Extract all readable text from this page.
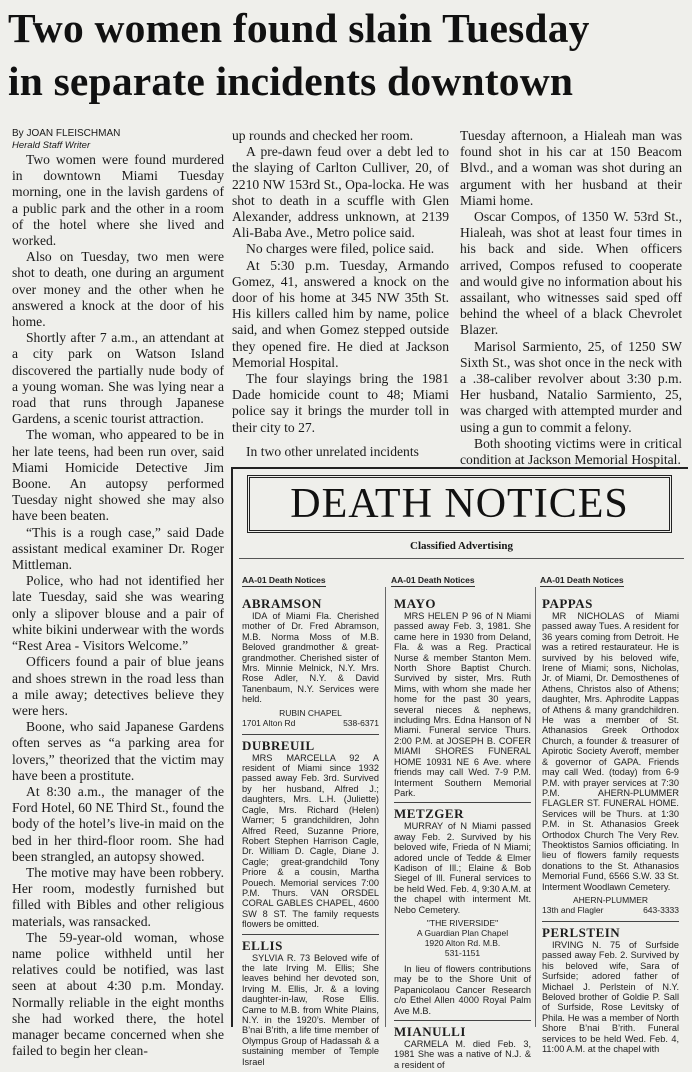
Two women found slain Tuesday
in separate incidents downtown
By JOAN FLEISCHMAN
Herald Staff Writer

Two women were found murdered in downtown Miami Tuesday morning, one in the lavish gardens of a public park and the other in a room of the hotel where she lived and worked.

Also on Tuesday, two men were shot to death, one during an argument over money and the other when he answered a knock at the door of his home.

Shortly after 7 a.m., an attendant at a city park on Watson Island discovered the partially nude body of a young woman. She was lying near a road that runs through Japanese Gardens, a scenic tourist attraction.

The woman, who appeared to be in her late teens, had been run over, said Miami Homicide Detective Jim Boone. An autopsy performed Tuesday night showed she may also have been beaten.

“This is a rough case,” said Dade assistant medical examiner Dr. Roger Mittleman.

Police, who had not identified her late Tuesday, said she was wearing only a slipover blouse and a pair of white bikini underwear with the words “Rest Area - Visitors Welcome.”

Officers found a pair of blue jeans and shoes strewn in the road less than a mile away; detectives believe they were hers.

Boone, who said Japanese Gardens often serves as “a parking area for lovers,” theorized that the victim may have been a prostitute.

At 8:30 a.m., the manager of the Ford Hotel, 60 NE Third St., found the body of the hotel’s live-in maid on the bed in her third-floor room. She had been strangled, an autopsy showed.

The motive may have been robbery. Her room, modestly furnished but filled with Bibles and other religious materials, was ransacked.

The 59-year-old woman, whose name police withheld until her relatives could be notified, was last seen at about 4:30 p.m. Monday. Normally reliable in the eight months she had worked there, the hotel manager became concerned when she failed to begin her clean-

up rounds and checked her room.

A pre-dawn feud over a debt led to the slaying of Carlton Culliver, 20, of 2210 NW 153rd St., Opa-locka. He was shot to death in a scuffle with Glen Alexander, address unknown, at 2139 Ali-Baba Ave., Metro police said.

No charges were filed, police said.

At 5:30 p.m. Tuesday, Armando Gomez, 41, answered a knock on the door of his home at 345 NW 35th St. His killers called him by name, police said, and when Gomez stepped outside they opened fire. He died at Jackson Memorial Hospital.

The four slayings bring the 1981 Dade homicide count to 48; Miami police say it brings the murder toll in their city to 27.

In two other unrelated incidents

Tuesday afternoon, a Hialeah man was found shot in his car at 150 Beacom Blvd., and a woman was shot during an argument with her husband at their Miami home.

Oscar Compos, of 1350 W. 53rd St., Hialeah, was shot at least four times in his back and side. When officers arrived, Compos refused to cooperate and would give no information about his assailant, who witnesses said sped off behind the wheel of a black Chevrolet Blazer.

Marisol Sarmiento, 25, of 1250 SW Sixth St., was shot once in the neck with a .38-caliber revolver about 3:30 p.m. Her husband, Natalio Sarmiento, 25, was charged with attempted murder and using a gun to commit a felony.

Both shooting victims were in critical condition at Jackson Memorial Hospital.

DEATH NOTICES
Classified Advertising
AA-01 Death Notices	AA-01 Death Notices	AA-01 Death Notices
ABRAMSON

IDA of Miami Fla. Cherished mother of Dr. Fred Abramson, M.B. Norma Moss of M.B. Beloved grandmother & great-grandmother. Cherished sister of Mrs. Minnie Melnick, N.Y. Mrs. Rose Adler, N.Y. & David Tanenbaum, N.Y. Services were held.

RUBIN CHAPEL
1701 Alton Rd	538-6371
DUBREUIL

MRS MARCELLA 92 A resident of Miami since 1932 passed away Feb. 3rd. Survived by her husband, Alfred J.; daughters, Mrs. L.H. (Juliette) Cagle, Mrs. Richard (Helen) Warner; 5 grandchildren, John Alfred Reed, Suzanne Priore, Robert Stephen Harrison Cagle, Dr. William D. Cagle, Diane J. Cagle; great-grandchild Tony Priore & a cousin, Martha Pouech. Memorial services 7:00 P.M. Thurs. VAN ORSDEL CORAL GABLES CHAPEL, 4600 SW 8 ST. The family requests flowers be omitted.

ELLIS

SYLVIA R. 73 Beloved wife of the late Irving M. Ellis; She leaves behind her devoted son, Irving M. Ellis, Jr. & a loving daughter-in-law, Rose Ellis. Came to M.B. from White Plains, N.Y. in the 1920’s. Member of B’nai B’rith, a life time member of Olympus Group of Hadassah & a sustaining member of Temple Israel

MAYO

MRS HELEN P 96 of N Miami passed away Feb. 3, 1981. She came here in 1930 from Deland, Fla. & was a Reg. Practical Nurse & member Stanton Mem. North Shore Baptist Church. Survived by sister, Mrs. Ruth Mims, with whom she made her home for the past 30 years, several nieces & nephews, including Mrs. Edna Hanson of N Miami. Funeral service Thurs. 2:00 P.M. at JOSEPH B. COFER MIAMI SHORES FUNERAL HOME 10931 NE 6 Ave. where friends may call Wed. 7-9 P.M. Interment Southern Memorial Park.

METZGER

MURRAY of N Miami passed away Feb. 2. Survived by his beloved wife, Frieda of N Miami; adored uncle of Tedde & Elmer Kadison of Ill.; Elaine & Bob Siegel of Ill. Funeral services to be held Wed. Feb. 4, 9:30 A.M. at the chapel with interment Mt. Nebo Cemetery.

"THE RIVERSIDE"
A Guardian Plan Chapel
1920 Alton Rd. M.B.
531-1151

In lieu of flowers contributions may be to the Shore Unit of Papanicolaou Cancer Research c/o Ethel Allen 4000 Royal Palm Ave M.B.

MIANULLI

CARMELA M. died Feb. 3, 1981 She was a native of N.J. & a resident of

PAPPAS

MR NICHOLAS of Miami passed away Tues. A resident for 36 years coming from Detroit. He was a retired restaurateur. He is survived by his beloved wife, Irene of Miami; sons, Nicholas, Jr. of Miami, Dr. Demosthenes of Athens, Christos also of Athens; daughter, Mrs. Aphrodite Lappas of Athens & many grandchildren. He was a member of St. Athanasios Greek Orthodox Church, a founder & treasurer of Apirotic Society Averoff, member & governor of GAPA. Friends may call Wed. (today) from 6-9 P.M. with prayer services at 7:30 P.M. AHERN-PLUMMER FLAGLER ST. FUNERAL HOME. Services will be Thurs. at 1:30 P.M. in St. Athanasios Greek Orthodox Church The Very Rev. Theoktistos Samios officiating. In lieu of flowers family requests donations to the St. Athanasios Memorial Fund, 6566 S.W. 33 St. Interment Woodlawn Cemetery.

AHERN-PLUMMER
13th and Flagler	643-3333
PERLSTEIN

IRVING N. 75 of Surfside passed away Feb. 2. Survived by his beloved wife, Sara of Surfside; adored father of Michael J. Perlstein of N.Y. Beloved brother of Goldie P. Sall of Surfside, Rose Levitsky of Phila. He was a member of North Shore B’nai B’rith. Funeral services to be held Wed. Feb. 4, 11:00 A.M. at the chapel with
